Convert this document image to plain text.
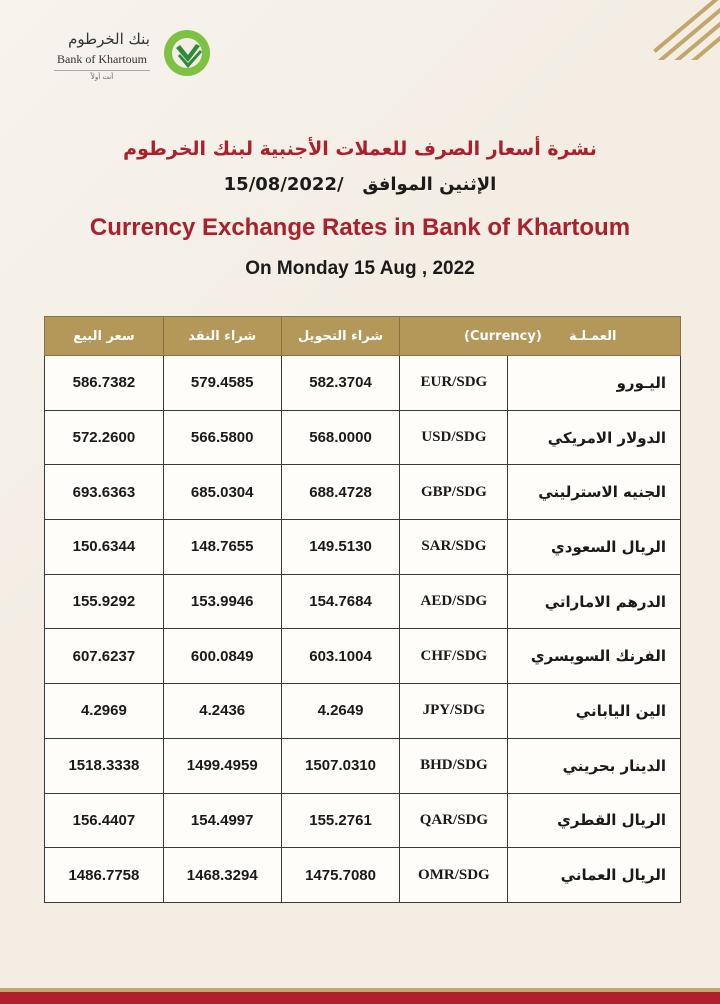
بنك الخرطوم
Bank of Khartoum
أنت أولاً
نشرة أسعار الصرف للعملات الأجنبية لبنك الخرطوم
15/08/2022/ الإثنين الموافق
Currency Exchange Rates in Bank of Khartoum
On Monday 15 Aug , 2022
سعر البيع	شراء النقد	شراء التحويل	العمـلـة      (Currency)	
586.7382	579.4585	582.3704	EUR/SDG	اليـورو
572.2600	566.5800	568.0000	USD/SDG	الدولار الامريكي
693.6363	685.0304	688.4728	GBP/SDG	الجنيه الاسترليني
150.6344	148.7655	149.5130	SAR/SDG	الريال السعودي
155.9292	153.9946	154.7684	AED/SDG	الدرهم الاماراتي
607.6237	600.0849	603.1004	CHF/SDG	الفرنك السويسري
4.2969	4.2436	4.2649	JPY/SDG	الين الياباني
1518.3338	1499.4959	1507.0310	BHD/SDG	الدينار بحريني
156.4407	154.4997	155.2761	QAR/SDG	الريال القطري
1486.7758	1468.3294	1475.7080	OMR/SDG	الريال العماني
